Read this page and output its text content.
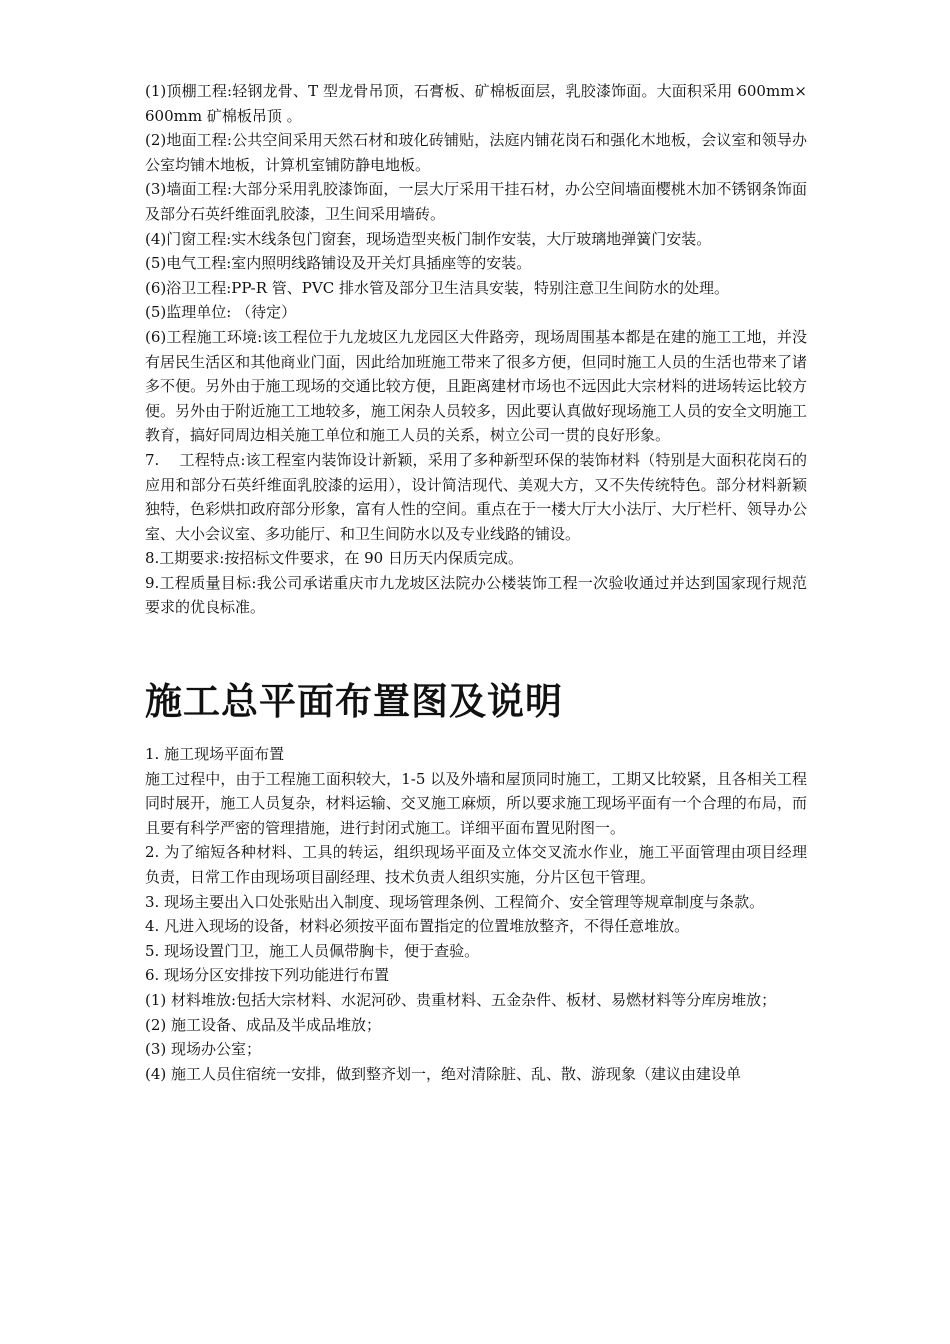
(1)顶棚工程:轻钢龙骨、T 型龙骨吊顶，石膏板、矿棉板面层，乳胶漆饰面。大面积采用 600mm×600mm 矿棉板吊顶 。

(2)地面工程:公共空间采用天然石材和玻化砖铺贴，法庭内铺花岗石和强化木地板，会议室和领导办公室均铺木地板，计算机室铺防静电地板。

(3)墙面工程:大部分采用乳胶漆饰面，一层大厅采用干挂石材，办公空间墙面樱桃木加不锈钢条饰面及部分石英纤维面乳胶漆，卫生间采用墙砖。

(4)门窗工程:实木线条包门窗套，现场造型夹板门制作安装，大厅玻璃地弹簧门安装。

(5)电气工程:室内照明线路铺设及开关灯具插座等的安装。

(6)浴卫工程:PP-R 管、PVC 排水管及部分卫生洁具安装，特别注意卫生间防水的处理。

(5)监理单位: （待定）

(6)工程施工环境:该工程位于九龙坡区九龙园区大件路旁，现场周围基本都是在建的施工工地，并没有居民生活区和其他商业门面，因此给加班施工带来了很多方便，但同时施工人员的生活也带来了诸多不便。另外由于施工现场的交通比较方便，且距离建材市场也不远因此大宗材料的进场转运比较方便。另外由于附近施工工地较多，施工闲杂人员较多，因此要认真做好现场施工人员的安全文明施工教育，搞好同周边相关施工单位和施工人员的关系，树立公司一贯的良好形象。

7.　 工程特点:该工程室内装饰设计新颖，采用了多种新型环保的装饰材料（特别是大面积花岗石的应用和部分石英纤维面乳胶漆的运用），设计简洁现代、美观大方，又不失传统特色。部分材料新颖独特，色彩烘扣政府部分形象，富有人性的空间。重点在于一楼大厅大小法厅、大厅栏杆、领导办公室、大小会议室、多功能厅、和卫生间防水以及专业线路的铺设。

8.工期要求:按招标文件要求，在 90 日历天内保质完成。

9.工程质量目标:我公司承诺重庆市九龙坡区法院办公楼装饰工程一次验收通过并达到国家现行规范要求的优良标准。

施工总平面布置图及说明

1. 施工现场平面布置

施工过程中，由于工程施工面积较大，1-5 以及外墙和屋顶同时施工，工期又比较紧，且各相关工程同时展开，施工人员复杂，材料运输、交叉施工麻烦，所以要求施工现场平面有一个合理的布局，而且要有科学严密的管理措施，进行封闭式施工。详细平面布置见附图一。

2. 为了缩短各种材料、工具的转运，组织现场平面及立体交叉流水作业，施工平面管理由项目经理负责，日常工作由现场项目副经理、技术负责人组织实施，分片区包干管理。

3. 现场主要出入口处张贴出入制度、现场管理条例、工程简介、安全管理等规章制度与条款。

4. 凡进入现场的设备，材料必须按平面布置指定的位置堆放整齐，不得任意堆放。

5. 现场设置门卫，施工人员佩带胸卡，便于查验。

6. 现场分区安排按下列功能进行布置

(1) 材料堆放:包括大宗材料、水泥河砂、贵重材料、五金杂件、板材、易燃材料等分库房堆放；

(2) 施工设备、成品及半成品堆放；

(3) 现场办公室；

(4) 施工人员住宿统一安排，做到整齐划一，绝对清除脏、乱、散、游现象（建议由建设单
